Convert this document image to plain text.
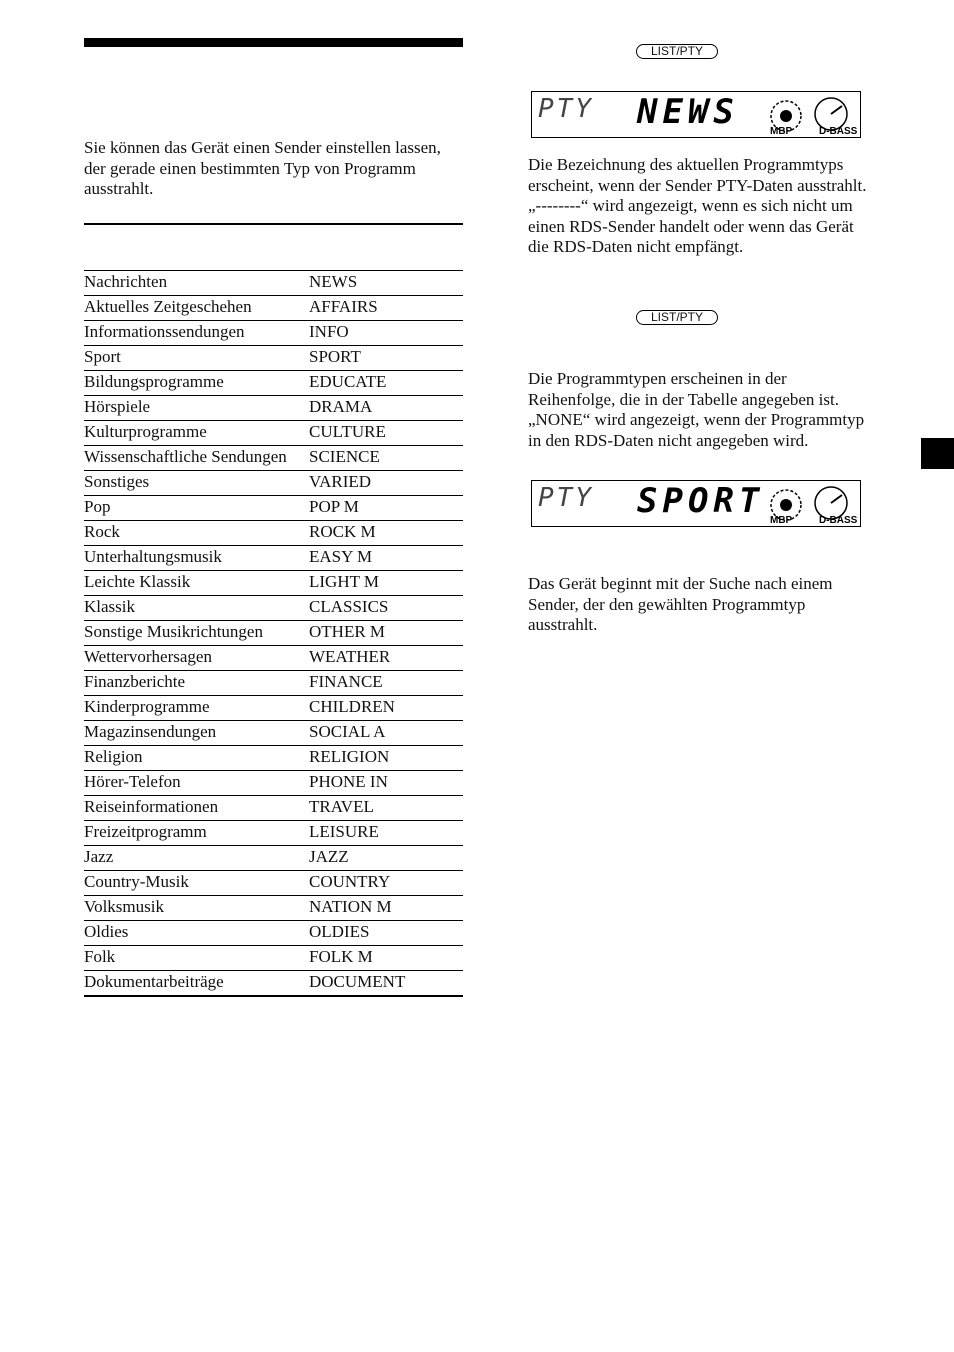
Sie können das Gerät einen Sender einstellen lassen, der gerade einen bestimmten Typ von Programm ausstrahlt.

Nachrichten	NEWS
Aktuelles Zeitgeschehen	AFFAIRS
Informationssendungen	INFO
Sport	SPORT
Bildungsprogramme	EDUCATE
Hörspiele	DRAMA
Kulturprogramme	CULTURE
Wissenschaftliche Sendungen	SCIENCE
Sonstiges	VARIED
Pop	POP M
Rock	ROCK M
Unterhaltungsmusik	EASY M
Leichte Klassik	LIGHT M
Klassik	CLASSICS
Sonstige Musikrichtungen	OTHER M
Wettervorhersagen	WEATHER
Finanzberichte	FINANCE
Kinderprogramme	CHILDREN
Magazinsendungen	SOCIAL A
Religion	RELIGION
Hörer-Telefon	PHONE IN
Reiseinformationen	TRAVEL
Freizeitprogramm	LEISURE
Jazz	JAZZ
Country-Musik	COUNTRY
Volksmusik	NATION M
Oldies	OLDIES
Folk	FOLK M
Dokumentarbeiträge	DOCUMENT
LIST/PTY
PTY NEWS	MBP	D-BASS

Die Bezeichnung des aktuellen Programmtyps erscheint, wenn der Sender PTY-Daten ausstrahlt. „--------“ wird angezeigt, wenn es sich nicht um einen RDS-Sender handelt oder wenn das Gerät die RDS-Daten nicht empfängt.

LIST/PTY

Die Programmtypen erscheinen in der Reihenfolge, die in der Tabelle angegeben ist. „NONE“ wird angezeigt, wenn der Programmtyp in den RDS-Daten nicht angegeben wird.

PTY SPORT MBP	D-BASS

Das Gerät beginnt mit der Suche nach einem Sender, der den gewählten Programmtyp ausstrahlt.
